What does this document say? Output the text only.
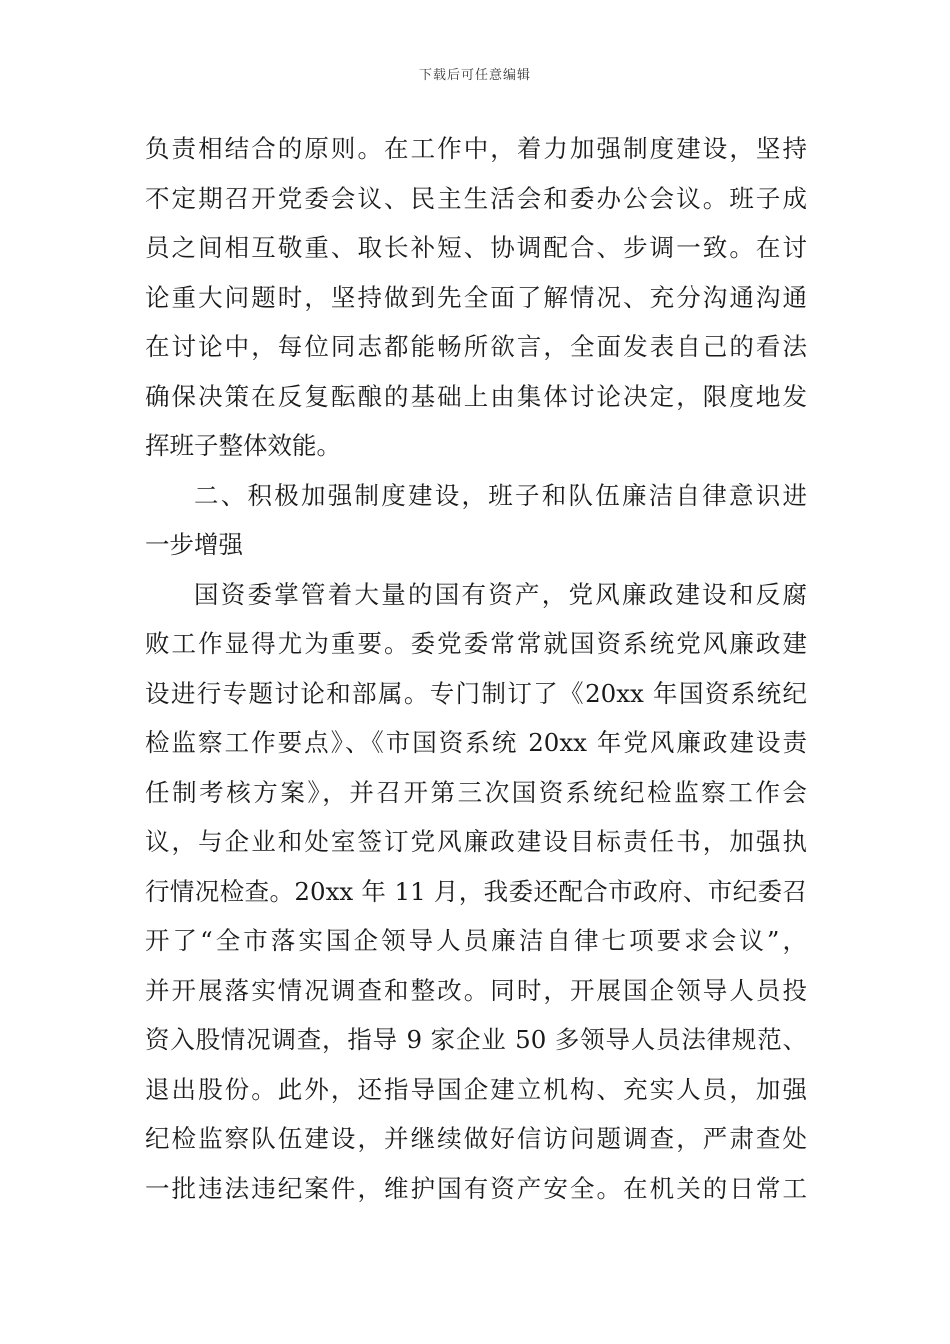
下载后可任意编辑
负责相结合的原则。在工作中，着力加强制度建设，坚持
不定期召开党委会议、民主生活会和委办公会议。班子成
员之间相互敬重、取长补短、协调配合、步调一致。在讨
论重大问题时，坚持做到先全面了解情况、充分沟通沟通
在讨论中，每位同志都能畅所欲言，全面发表自己的看法
确保决策在反复酝酿的基础上由集体讨论决定，限度地发
挥班子整体效能。
二、积极加强制度建设，班子和队伍廉洁自律意识进
一步增强
国资委掌管着大量的国有资产，党风廉政建设和反腐
败工作显得尤为重要。委党委常常就国资系统党风廉政建
设进行专题讨论和部属。专门制订了《20xx 年国资系统纪
检监察工作要点》、《市国资系统 20xx 年党风廉政建设责
任制考核方案》，并召开第三次国资系统纪检监察工作会
议，与企业和处室签订党风廉政建设目标责任书，加强执
行情况检查。20xx 年 11 月，我委还配合市政府、市纪委召
开了“全市落实国企领导人员廉洁自律七项要求会议”，
并开展落实情况调查和整改。同时，开展国企领导人员投
资入股情况调查，指导 9 家企业 50 多领导人员法律规范、
退出股份。此外，还指导国企建立机构、充实人员，加强
纪检监察队伍建设，并继续做好信访问题调查，严肃查处
一批违法违纪案件，维护国有资产安全。在机关的日常工
